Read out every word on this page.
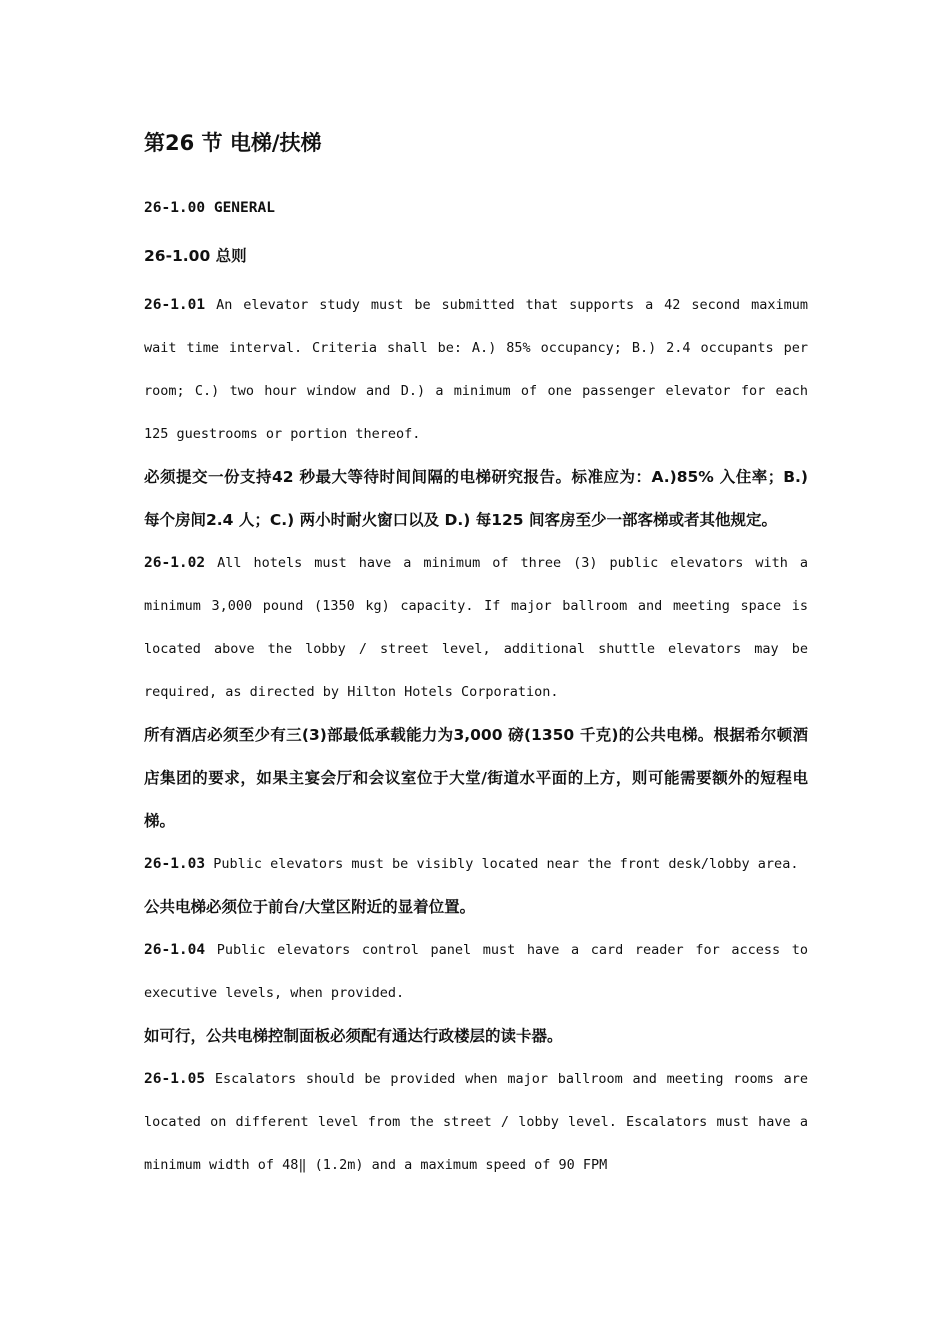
第26 节 电梯/扶梯

26-1.00 GENERAL

26-1.00 总则

26-1.01 An elevator study must be submitted that supports a 42 second maximum wait time interval. Criteria shall be: A.) 85% occupancy; B.) 2.4 occupants per room; C.) two hour window and D.) a minimum of one passenger elevator for each 125 guestrooms or portion thereof.

必须提交一份支持42 秒最大等待时间间隔的电梯研究报告。标准应为：A.)85% 入住率；B.) 每个房间2.4 人；C.) 两小时耐火窗口以及 D.) 每125 间客房至少一部客梯或者其他规定。

26-1.02 All hotels must have a minimum of three (3) public elevators with a minimum 3,000 pound (1350 kg) capacity. If major ballroom and meeting space is located above the lobby / street level, additional shuttle elevators may be required, as directed by Hilton Hotels Corporation.

所有酒店必须至少有三(3)部最低承载能力为3,000 磅(1350 千克)的公共电梯。根据希尔顿酒店集团的要求，如果主宴会厅和会议室位于大堂/街道水平面的上方，则可能需要额外的短程电梯。

26-1.03 Public elevators must be visibly located near the front desk/lobby area.

公共电梯必须位于前台/大堂区附近的显着位置。

26-1.04 Public elevators control panel must have a card reader for access to executive levels, when provided.

如可行，公共电梯控制面板必须配有通达行政楼层的读卡器。

26-1.05 Escalators should be provided when major ballroom and meeting rooms are located on different level from the street / lobby level. Escalators must have a minimum width of 48‖ (1.2m) and a maximum speed of 90 FPM
